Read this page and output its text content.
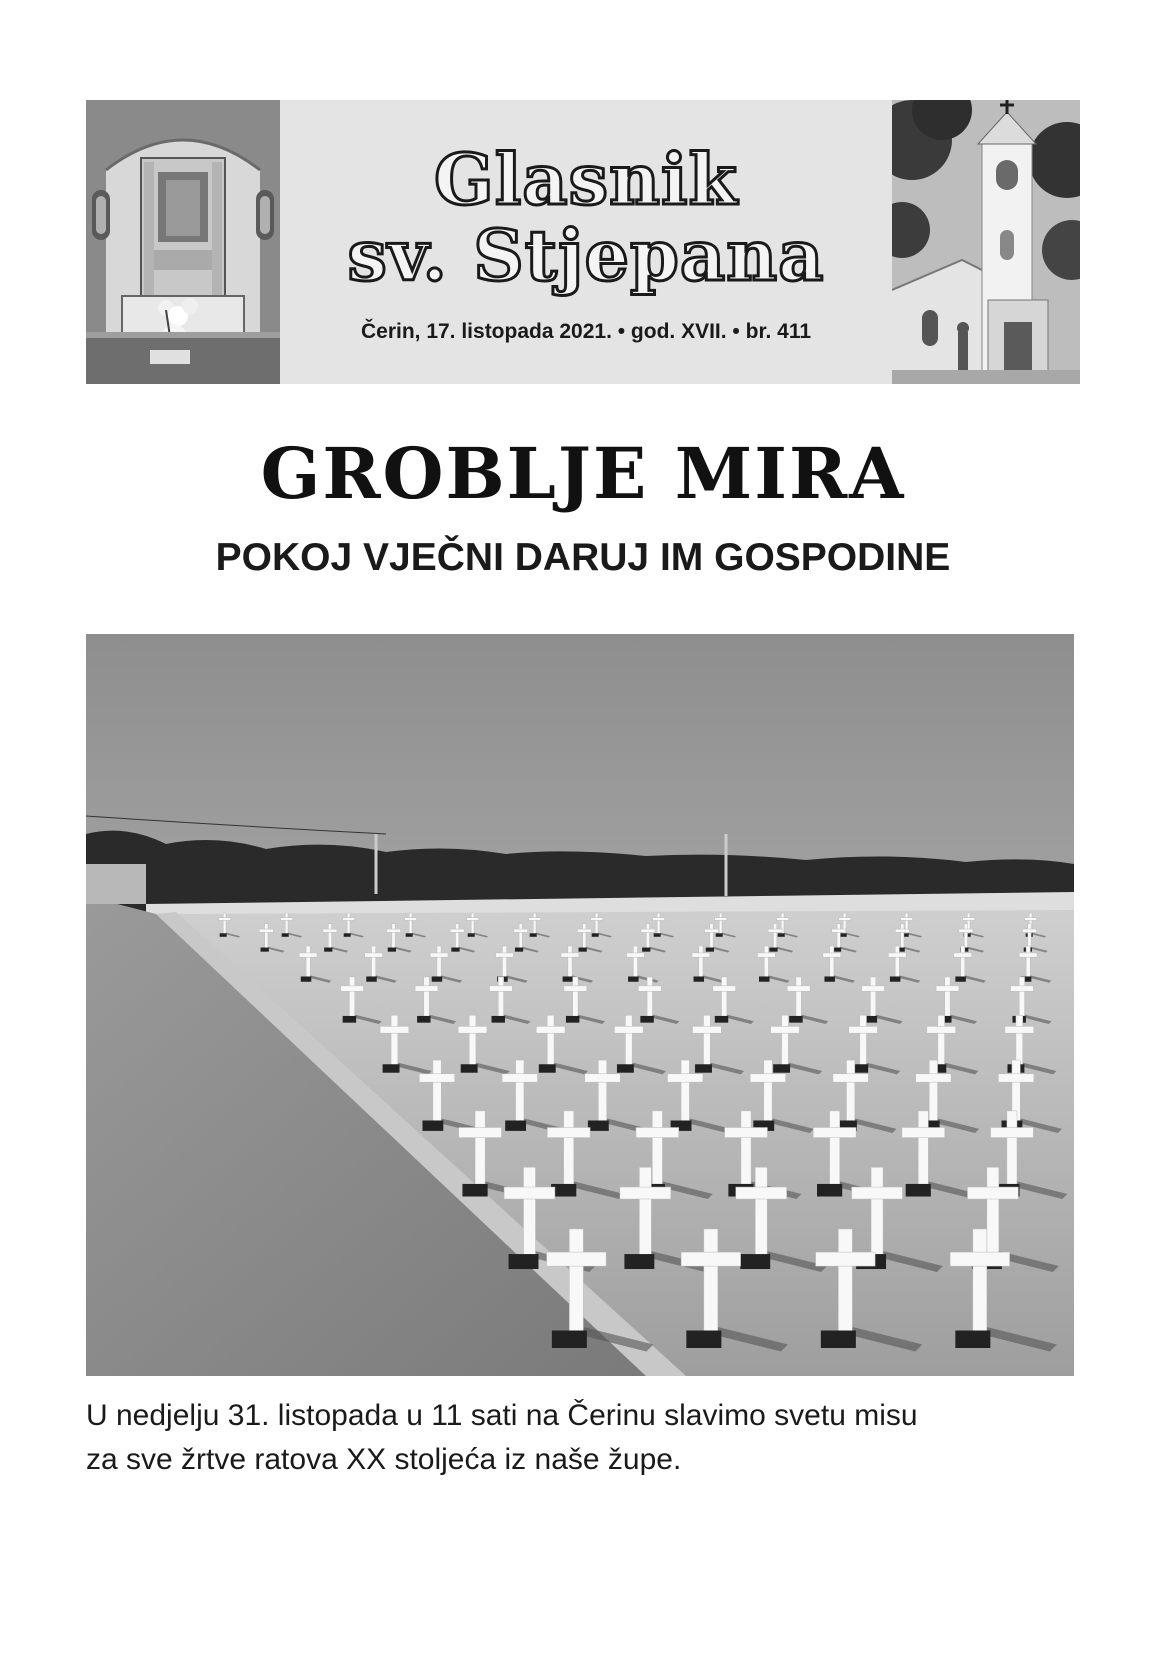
Glasnik
sv. Stjepana
Čerin, 17. listopada 2021. • god. XVII. • br. 411
GROBLJE MIRA
POKOJ VJEČNI DARUJ IM GOSPODINE
U nedjelju 31. listopada u 11 sati na Čerinu slavimo svetu misu
za sve žrtve ratova XX stoljeća iz naše župe.
